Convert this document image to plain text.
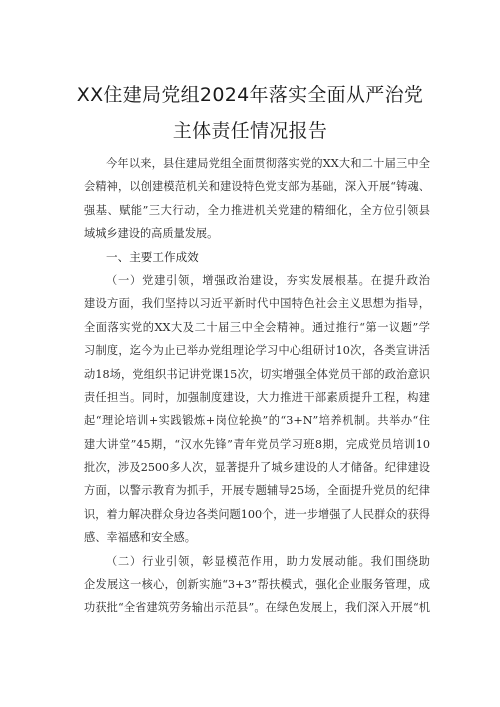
XX住建局党组2024年落实全面从严治党
主体责任情况报告
今年以来，县住建局党组全面贯彻落实党的XX大和二十届三中全
会精神，以创建模范机关和建设特色党支部为基础，深入开展“铸魂、
强基、赋能”三大行动，全力推进机关党建的精细化，全方位引领县
域城乡建设的高质量发展。
一、主要工作成效
（一）党建引领，增强政治建设，夯实发展根基。在提升政治
建设方面，我们坚持以习近平新时代中国特色社会主义思想为指导，
全面落实党的XX大及二十届三中全会精神。通过推行“第一议题”学
习制度，迄今为止已举办党组理论学习中心组研讨10次，各类宣讲活
动18场，党组织书记讲党课15次，切实增强全体党员干部的政治意识
责任担当。同时，加强制度建设，大力推进干部素质提升工程，构建
起“理论培训+实践锻炼+岗位轮换”的“3+N”培养机制。共举办“住
建大讲堂”45期，“汉水先锋”青年党员学习班8期，完成党员培训10
批次，涉及2500多人次，显著提升了城乡建设的人才储备。纪律建设
方面，以警示教育为抓手，开展专题辅导25场，全面提升党员的纪律
识，着力解决群众身边各类问题100个，进一步增强了人民群众的获得
感、幸福感和安全感。
（二）行业引领，彰显模范作用，助力发展动能。我们围绕助
企发展这一核心，创新实施“3+3”帮扶模式，强化企业服务管理，成
功获批“全省建筑劳务输出示范县”。在绿色发展上，我们深入开展“机
